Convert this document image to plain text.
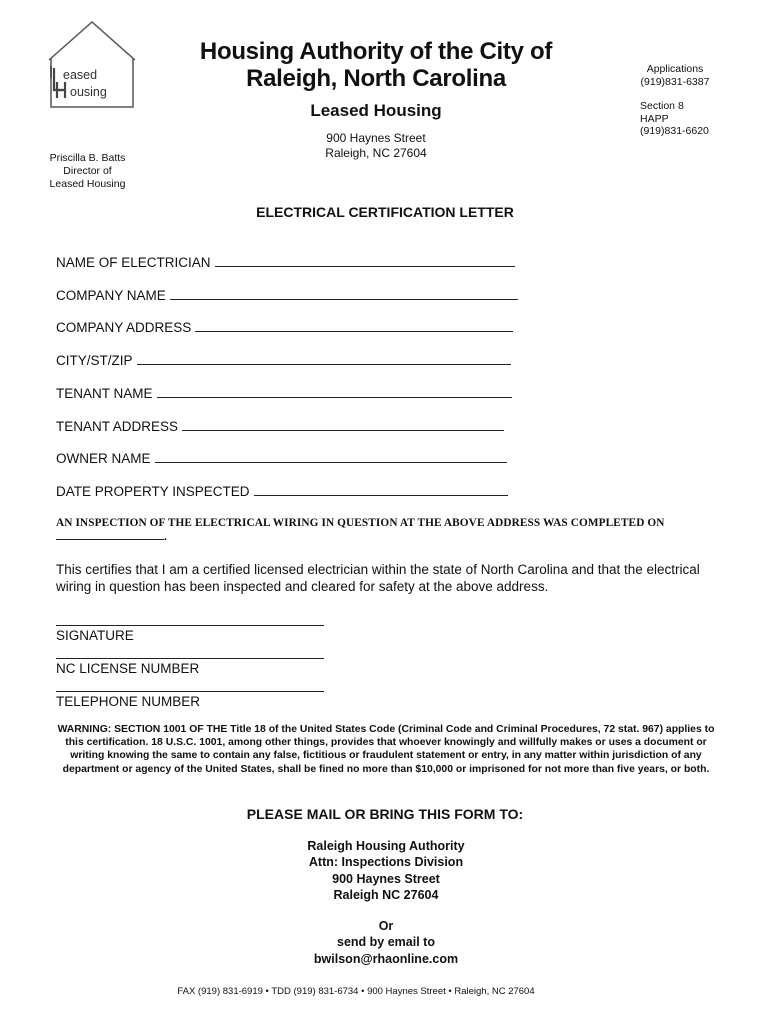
eased
ousing
Housing Authority of the City of
Raleigh, North Carolina
Leased Housing
900 Haynes Street
Raleigh, NC 27604
Applications
(919)831-6387
Section 8
HAPP
(919)831-6620
Priscilla B. Batts
Director of
Leased Housing
ELECTRICAL CERTIFICATION LETTER
NAME OF ELECTRICIAN
COMPANY NAME
COMPANY ADDRESS
CITY/ST/ZIP
TENANT NAME
TENANT ADDRESS
OWNER NAME
DATE PROPERTY INSPECTED
AN INSPECTION OF THE ELECTRICAL WIRING IN QUESTION AT THE ABOVE ADDRESS WAS COMPLETED ON .
This certifies that I am a certified licensed electrician within the state of North Carolina and that the electrical wiring in question has been inspected and cleared for safety at the above address.
SIGNATURE
NC LICENSE NUMBER
TELEPHONE NUMBER
WARNING: SECTION 1001 OF THE Title 18 of the United States Code (Criminal Code and Criminal Procedures, 72 stat. 967) applies to this certification. 18 U.S.C. 1001, among other things, provides that whoever knowingly and willfully makes or uses a document or writing knowing the same to contain any false, fictitious or fraudulent statement or entry, in any matter within jurisdiction of any department or agency of the United States, shall be fined no more than $10,000 or imprisoned for not more than five years, or both.
PLEASE MAIL OR BRING THIS FORM TO:
Raleigh Housing Authority
Attn: Inspections Division
900 Haynes Street
Raleigh NC 27604
Or
send by email to
bwilson@rhaonline.com
FAX (919) 831-6919 • TDD (919) 831-6734 • 900 Haynes Street • Raleigh, NC 27604
